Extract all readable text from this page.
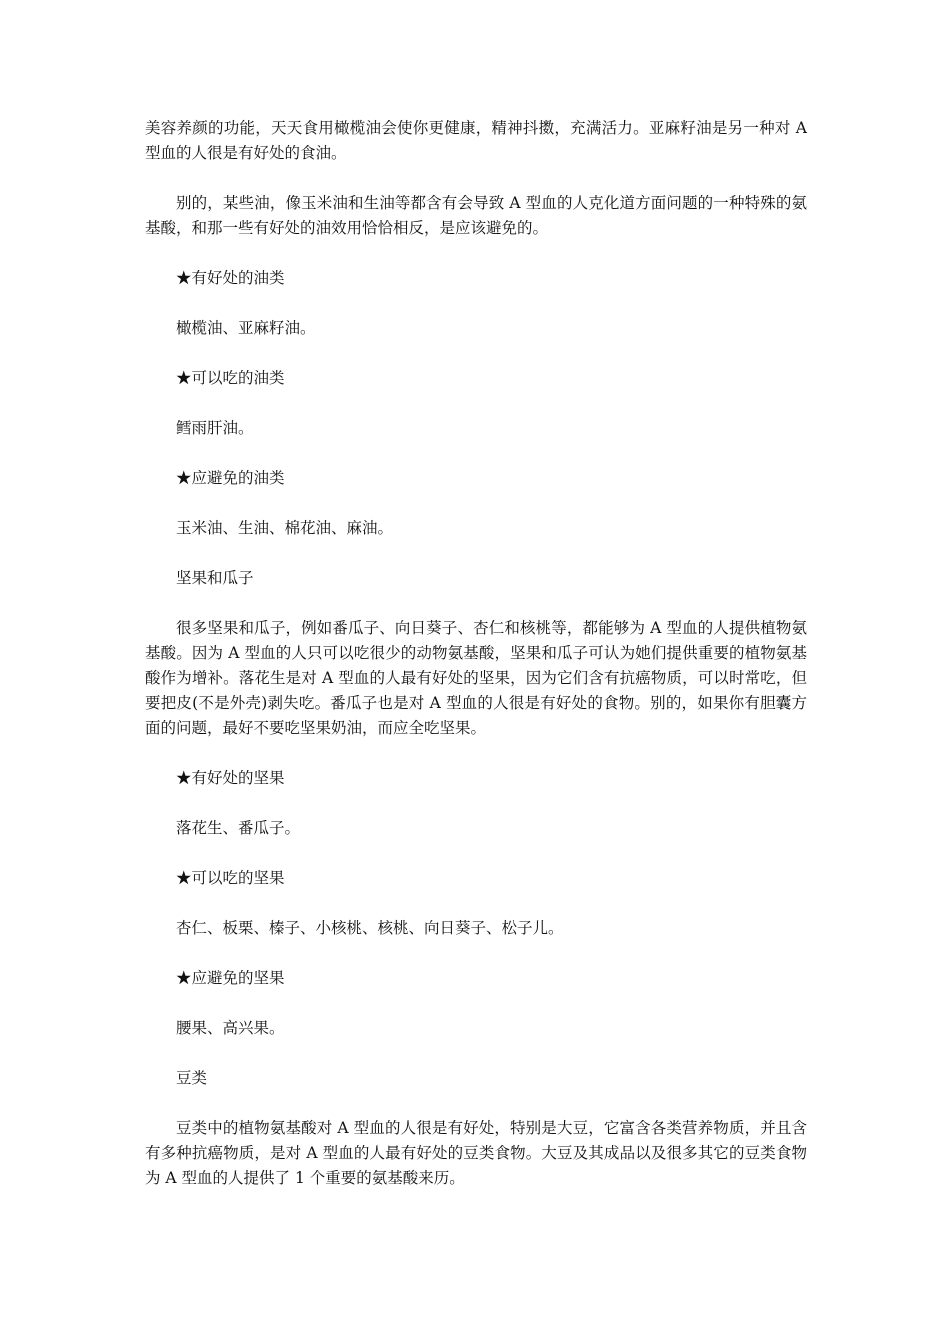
美容养颜的功能，天天食用橄榄油会使你更健康，精神抖擞，充满活力。亚麻籽油是另一种对 A 型血的人很是有好处的食油。

别的，某些油，像玉米油和生油等都含有会导致 A 型血的人克化道方面问题的一种特殊的氨基酸，和那一些有好处的油效用恰恰相反，是应该避免的。

★有好处的油类
橄榄油、亚麻籽油。
★可以吃的油类
鳕雨肝油。
★应避免的油类
玉米油、生油、棉花油、麻油。
坚果和瓜子

很多坚果和瓜子，例如番瓜子、向日葵子、杏仁和核桃等，都能够为 A 型血的人提供植物氨基酸。因为 A 型血的人只可以吃很少的动物氨基酸，坚果和瓜子可认为她们提供重要的植物氨基酸作为增补。落花生是对 A 型血的人最有好处的坚果，因为它们含有抗癌物质，可以时常吃，但要把皮(不是外壳)剥失吃。番瓜子也是对 A 型血的人很是有好处的食物。别的，如果你有胆囊方面的问题，最好不要吃坚果奶油，而应全吃坚果。

★有好处的坚果
落花生、番瓜子。
★可以吃的坚果
杏仁、板栗、榛子、小核桃、核桃、向日葵子、松子儿。
★应避免的坚果
腰果、高兴果。
豆类

豆类中的植物氨基酸对 A 型血的人很是有好处，特别是大豆，它富含各类营养物质，并且含有多种抗癌物质，是对 A 型血的人最有好处的豆类食物。大豆及其成品以及很多其它的豆类食物为 A 型血的人提供了 1 个重要的氨基酸来历。
